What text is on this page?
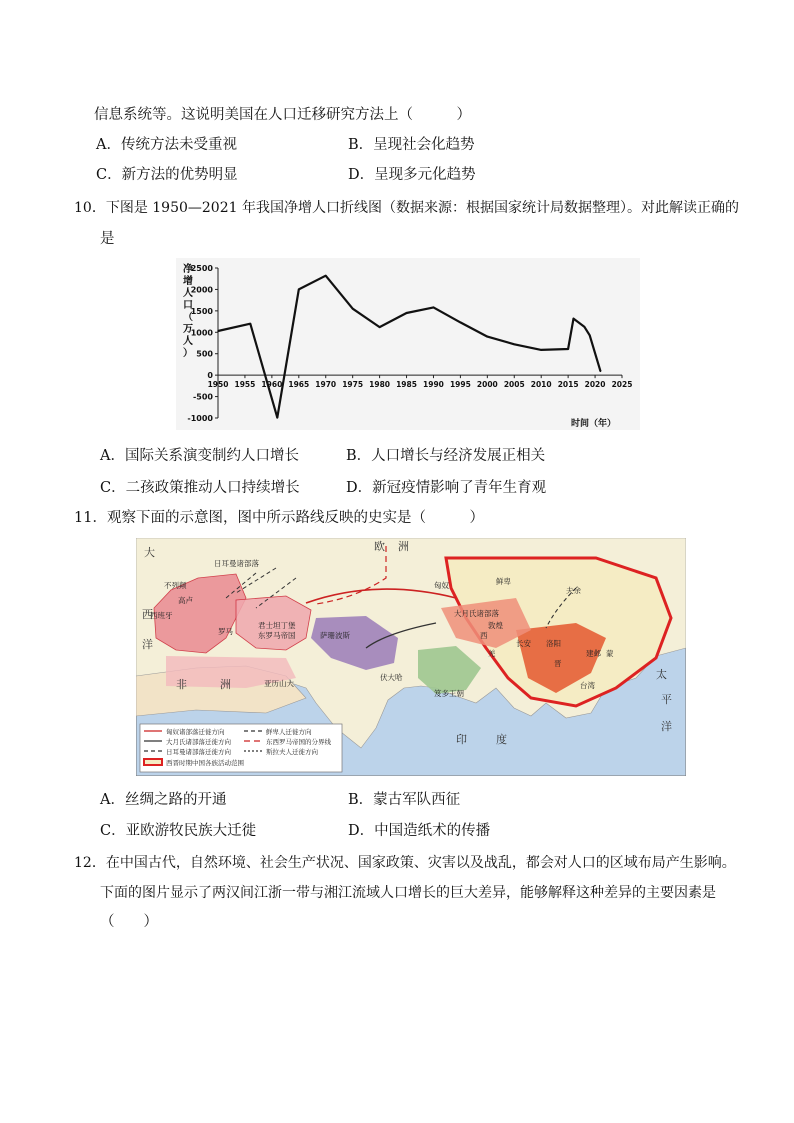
信息系统等。这说明美国在人口迁移研究方法上（　　　）
A．传统方法未受重视	B．呈现社会化趋势
C．新方法的优势明显	D．呈现多元化趋势
10．下图是 1950—2021 年我国净增人口折线图（数据来源：根据国家统计局数据整理）。对此解读正确的
是
2500
2000
1500
1000
500
0
-500
-1000
1950 1955 1960 1965 1970 1975 1980 1985 1990 1995 2000 2005 2010 2015 2020 2025
净
增
人
口
（
万
人
）
时间（年）
A．国际关系演变制约人口增长	B．人口增长与经济发展正相关
C．二孩政策推动人口持续增长	D．新冠疫情影响了青年生育观
11．观察下面的示意图，图中所示路线反映的史实是（　　　）
欧 洲
非	洲
大
西
洋
印	度
太
平
洋
匈奴	鲜卑
夫余
大月氏诸部落
西
晋
长安 洛阳
建邺
敦煌
君士坦丁堡
东罗马帝国
罗马
亚历山大
萨珊波斯
笈多王朝
伏大哈
日耳曼诸部落
不列颠
高卢
西班牙
羌	蒙
台湾
匈奴诸部落迁徙方向	鲜卑人迁徙方向
大月氏诸部落迁徙方向	东西罗马帝国的分界线
日耳曼诸部落迁徙方向	斯拉夫人迁徙方向
西晋时期中国各族活动范围
A．丝绸之路的开通	B．蒙古军队西征
C．亚欧游牧民族大迁徙	D．中国造纸术的传播
12．在中国古代，自然环境、社会生产状况、国家政策、灾害以及战乱，都会对人口的区域布局产生影响。
下面的图片显示了两汉间江浙一带与湘江流域人口增长的巨大差异，能够解释这种差异的主要因素是
（　　）
